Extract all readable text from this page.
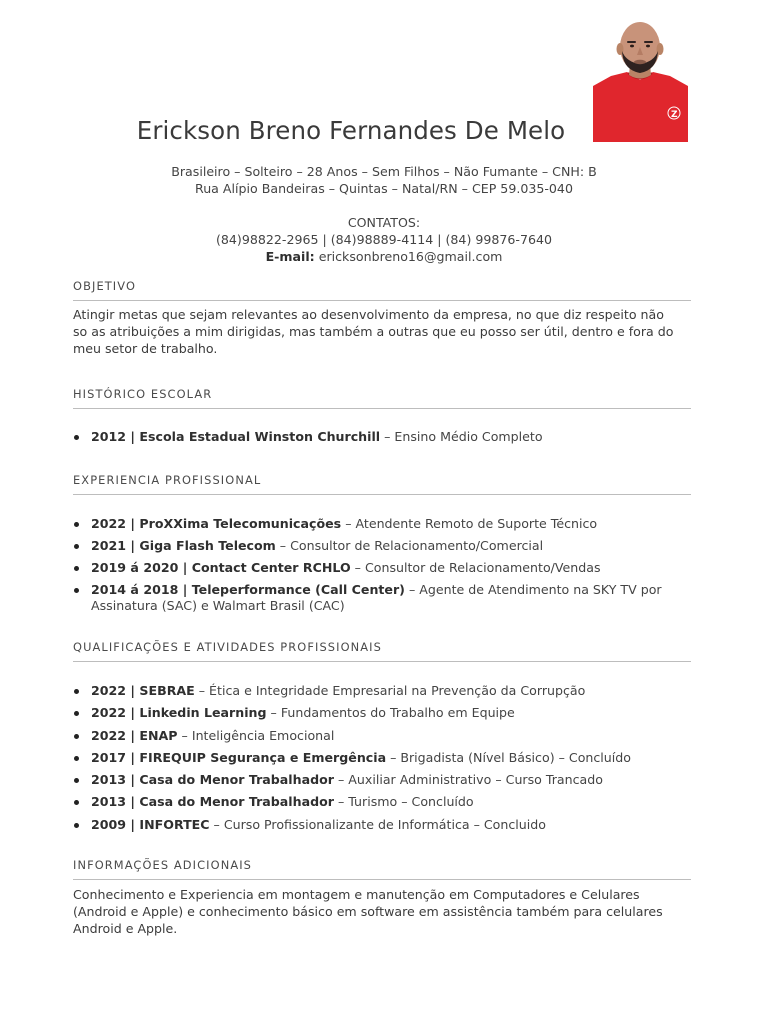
Z
Erickson Breno Fernandes De Melo
Brasileiro – Solteiro – 28 Anos – Sem Filhos – Não Fumante – CNH: B
Rua Alípio Bandeiras – Quintas – Natal/RN – CEP 59.035-040
CONTATOS:
(84)98822-2965 | (84)98889-4114 | (84) 99876-7640
E-mail: ericksonbreno16@gmail.com
OBJETIVO
Atingir metas que sejam relevantes ao desenvolvimento da empresa, no que diz respeito não
so as atribuições a mim dirigidas, mas também a outras que eu posso ser útil, dentro e fora do
meu setor de trabalho.
HISTÓRICO ESCOLAR
2012 | Escola Estadual Winston Churchill – Ensino Médio Completo
EXPERIENCIA PROFISSIONAL
2022 | ProXXima Telecomunicações – Atendente Remoto de Suporte Técnico
2021 | Giga Flash Telecom – Consultor de Relacionamento/Comercial
2019 á 2020 | Contact Center RCHLO – Consultor de Relacionamento/Vendas
2014 á 2018 | Teleperformance (Call Center) – Agente de Atendimento na SKY TV por Assinatura (SAC) e Walmart Brasil (CAC)
QUALIFICAÇÕES E ATIVIDADES PROFISSIONAIS
2022 | SEBRAE – Ética e Integridade Empresarial na Prevenção da Corrupção
2022 | Linkedin Learning – Fundamentos do Trabalho em Equipe
2022 | ENAP – Inteligência Emocional
2017 | FIREQUIP Segurança e Emergência – Brigadista (Nível Básico) – Concluído
2013 | Casa do Menor Trabalhador – Auxiliar Administrativo – Curso Trancado
2013 | Casa do Menor Trabalhador – Turismo – Concluído
2009 | INFORTEC – Curso Profissionalizante de Informática – Concluido
INFORMAÇÕES ADICIONAIS
Conhecimento e Experiencia em montagem e manutenção em Computadores e Celulares
(Android e Apple) e conhecimento básico em software em assistência também para celulares
Android e Apple.
